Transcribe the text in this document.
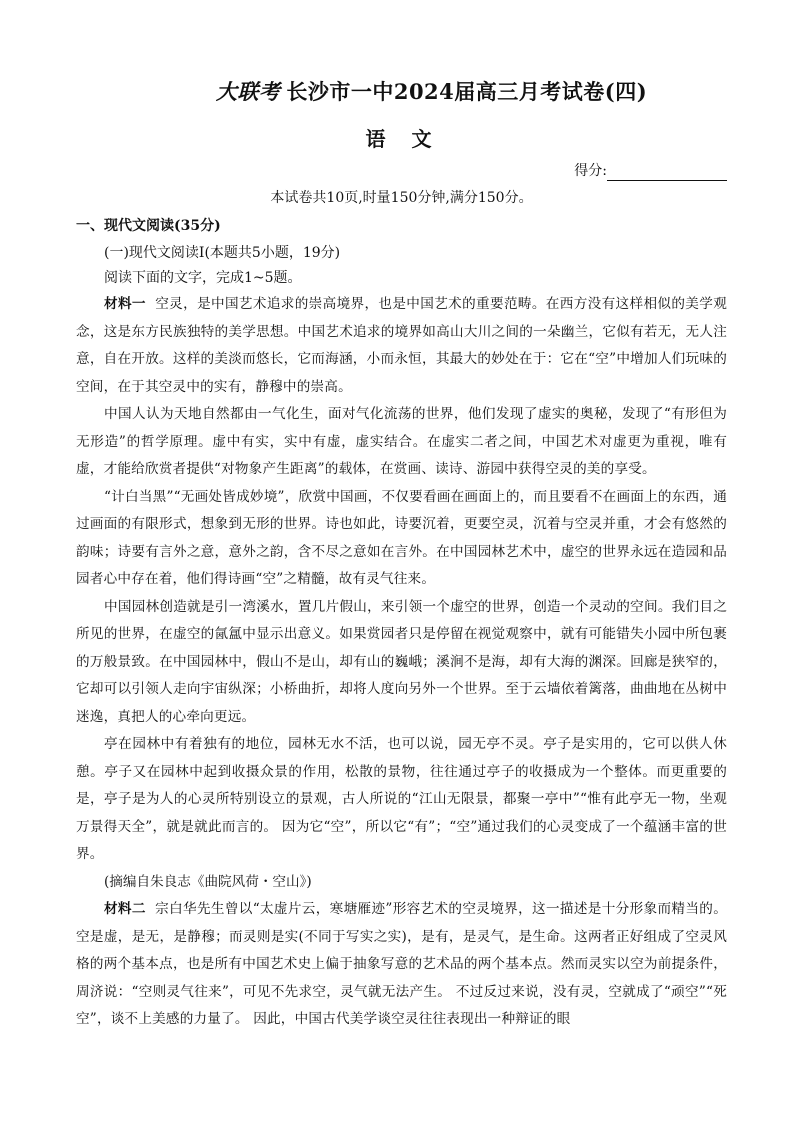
大联考 长沙市一中2024届高三月考试卷(四)
语文
得分:
本试卷共10页,时量150分钟,满分150分。
一、现代文阅读(35分)
(一)现代文阅读Ⅰ(本题共5小题，19分)
阅读下面的文字，完成1~5题。

材料一 空灵，是中国艺术追求的崇高境界，也是中国艺术的重要范畴。在西方没有这样相似的美学观念，这是东方民族独特的美学思想。中国艺术追求的境界如高山大川之间的一朵幽兰，它似有若无，无人注意，自在开放。这样的美淡而悠长，它而海涵，小而永恒，其最大的妙处在于：它在“空”中增加人们玩味的空间，在于其空灵中的实有，静穆中的崇高。

中国人认为天地自然都由一气化生，面对气化流荡的世界，他们发现了虚实的奥秘，发现了“有形但为无形造”的哲学原理。虚中有实，实中有虚，虚实结合。在虚实二者之间，中国艺术对虚更为重视，唯有虚，才能给欣赏者提供“对物象产生距离”的载体，在赏画、读诗、游园中获得空灵的美的享受。

“计白当黑”“无画处皆成妙境”，欣赏中国画，不仅要看画在画面上的，而且要看不在画面上的东西，通过画面的有限形式，想象到无形的世界。诗也如此，诗要沉着，更要空灵，沉着与空灵并重，才会有悠然的韵味；诗要有言外之意，意外之韵，含不尽之意如在言外。在中国园林艺术中，虚空的世界永远在造园和品园者心中存在着，他们得诗画“空”之精髓，故有灵气往来。

中国园林创造就是引一湾溪水，置几片假山，来引领一个虚空的世界，创造一个灵动的空间。我们目之所见的世界，在虚空的氤氲中显示出意义。如果赏园者只是停留在视觉观察中，就有可能错失小园中所包裹的万般景致。在中国园林中，假山不是山，却有山的巍峨；溪涧不是海，却有大海的渊深。回廊是狭窄的，它却可以引领人走向宇宙纵深；小桥曲折，却将人度向另外一个世界。至于云墙依着篱落，曲曲地在丛树中迷逸，真把人的心牵向更远。

亭在园林中有着独有的地位，园林无水不活，也可以说，园无亭不灵。亭子是实用的，它可以供人休憩。亭子又在园林中起到收摄众景的作用，松散的景物，往往通过亭子的收摄成为一个整体。而更重要的是，亭子是为人的心灵所特别设立的景观，古人所说的“江山无限景，都聚一亭中”“惟有此亭无一物，坐观万景得天全”，就是就此而言的。 因为它“空”，所以它“有”；“空”通过我们的心灵变成了一个蕴涵丰富的世界。

(摘编自朱良志《曲院风荷・空山》)

材料二 宗白华先生曾以“太虚片云，寒塘雁迹”形容艺术的空灵境界，这一描述是十分形象而精当的。空是虚，是无，是静穆；而灵则是实(不同于写实之实)，是有，是灵气，是生命。这两者正好组成了空灵风格的两个基本点，也是所有中国艺术史上偏于抽象写意的艺术品的两个基本点。然而灵实以空为前提条件，周济说：“空则灵气往来”，可见不先求空，灵气就无法产生。 不过反过来说，没有灵，空就成了“顽空”“死空”，谈不上美感的力量了。 因此，中国古代美学谈空灵往往表现出一种辩证的眼
